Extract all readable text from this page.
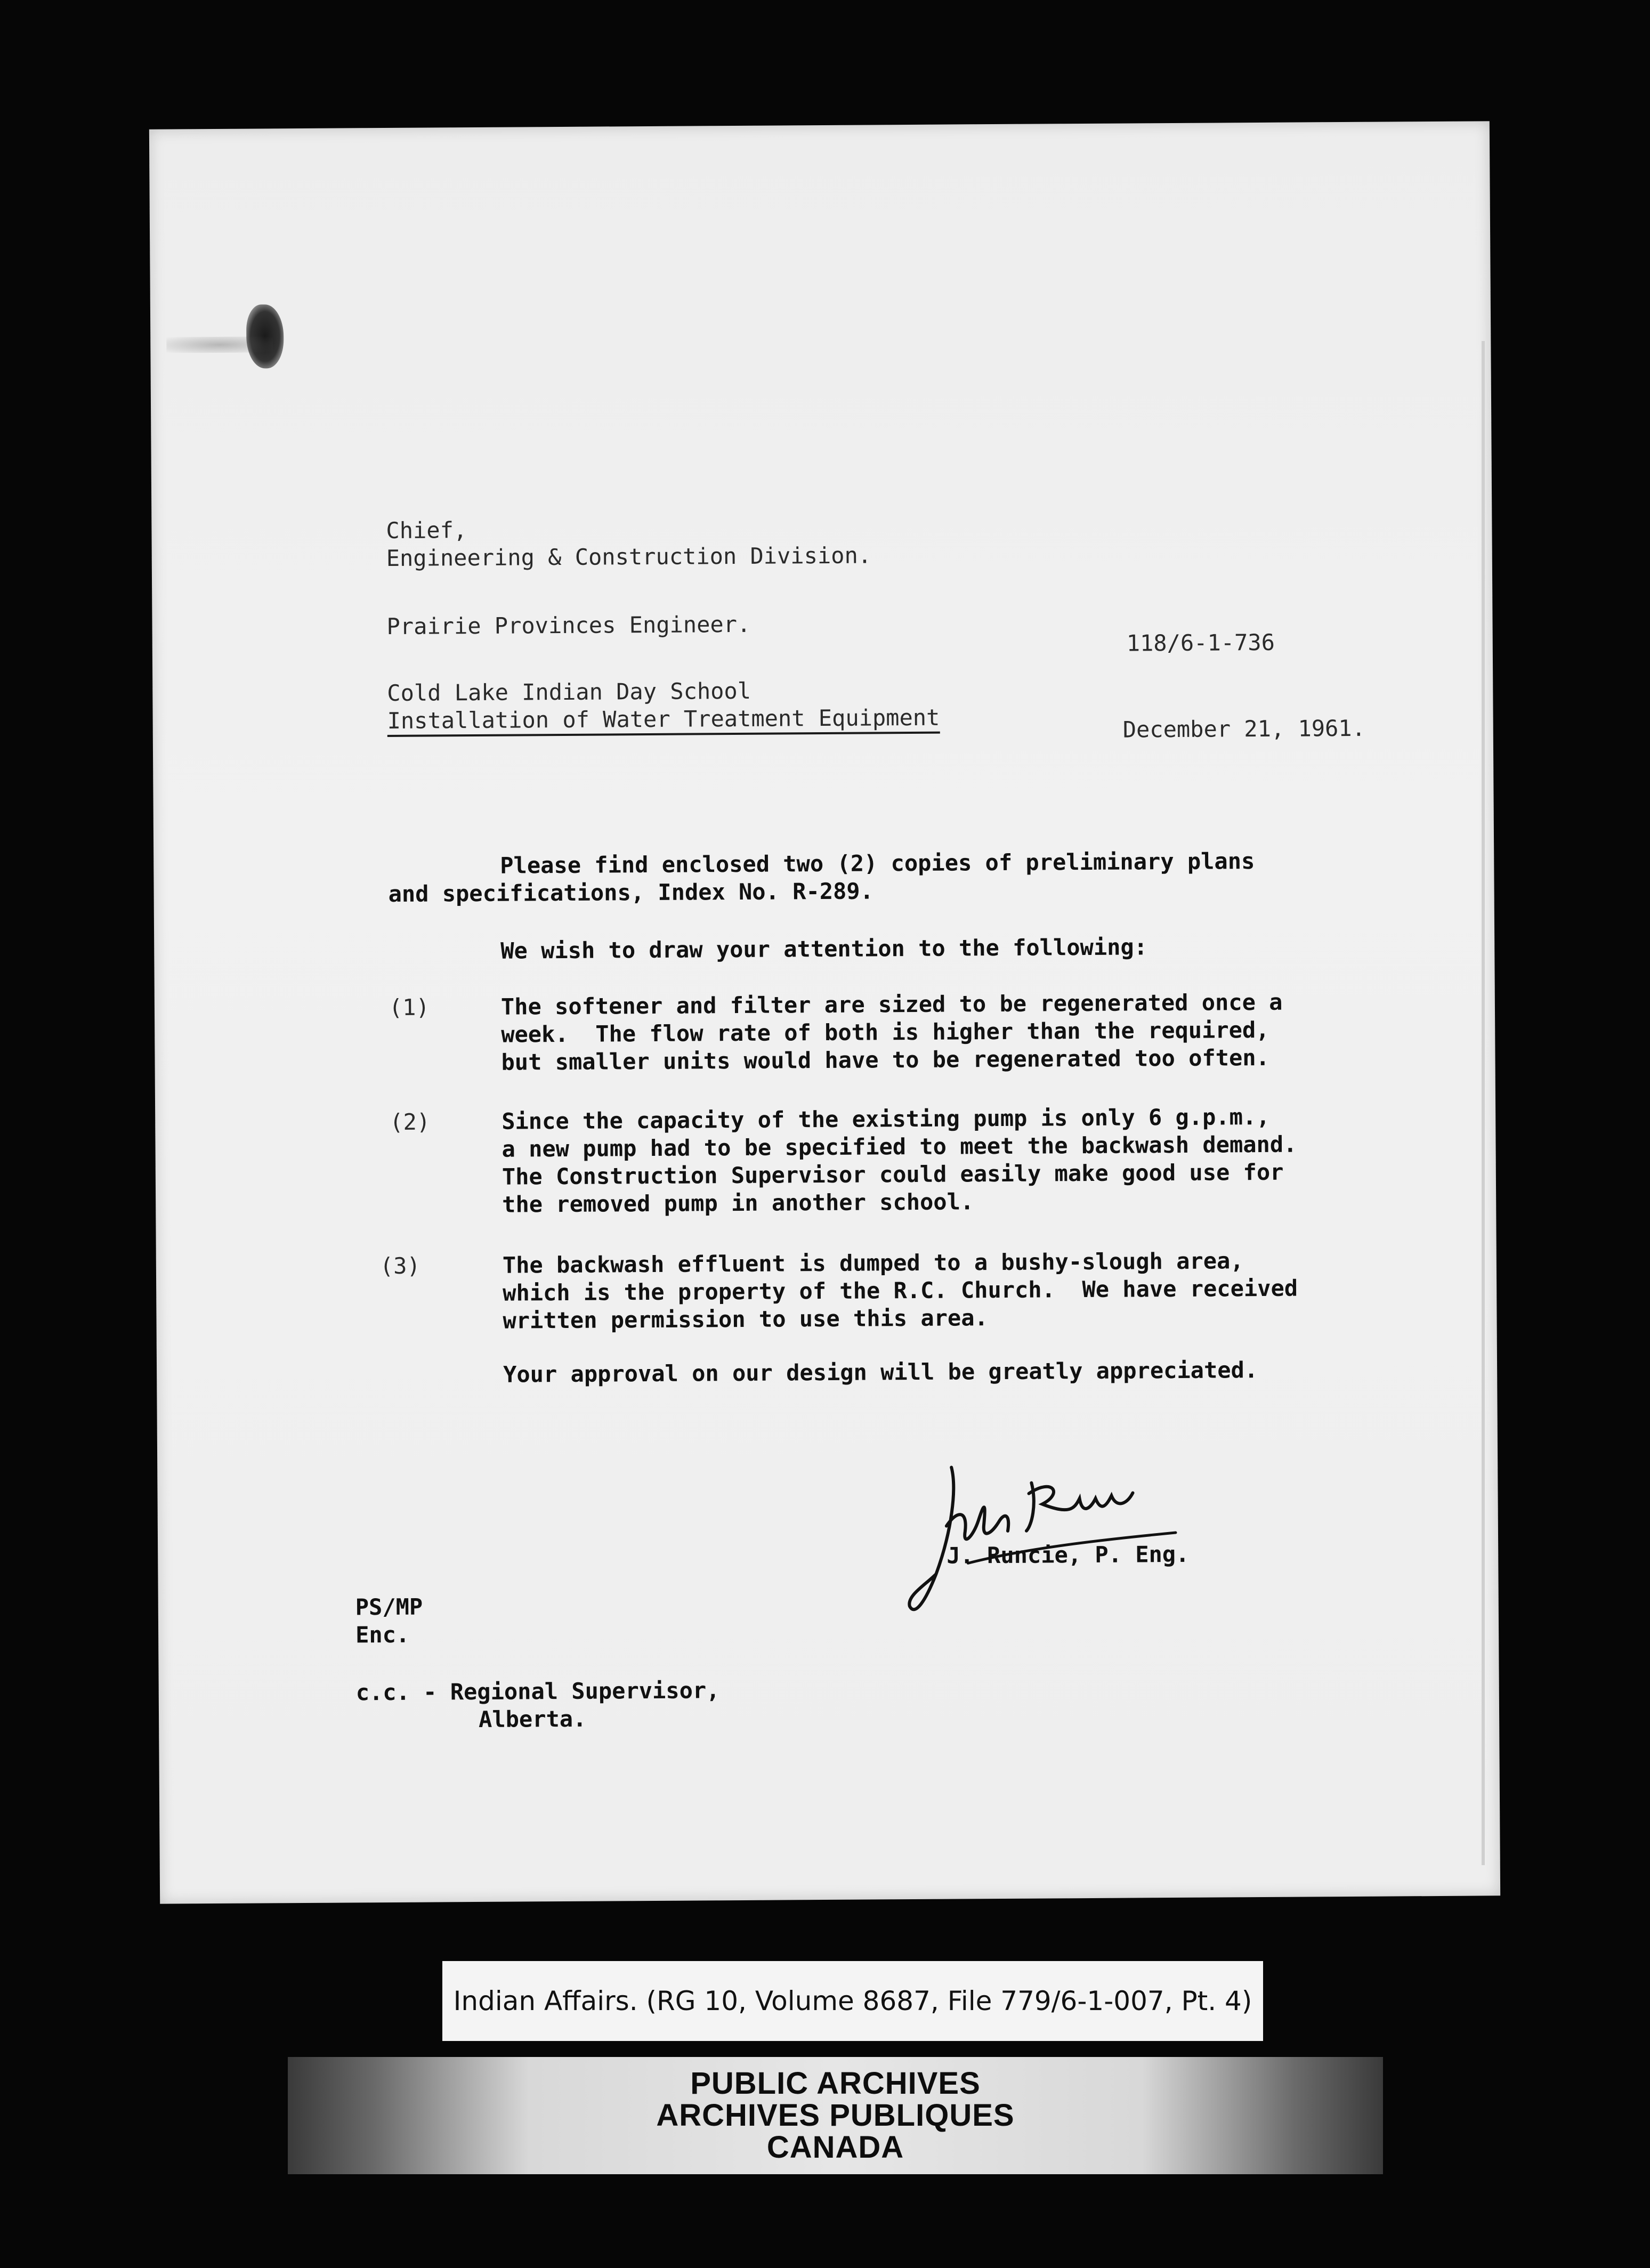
Chief,
Engineering & Construction Division.
Prairie Provinces Engineer.
118/6-1-736
Cold Lake Indian Day School
Installation of Water Treatment Equipment	December 21, 1961.
Please find enclosed two (2) copies of preliminary plans
and specifications, Index No. R-289.
We wish to draw your attention to the following:
(1)	The softener and filter are sized to be regenerated once a
week.  The flow rate of both is higher than the required,
but smaller units would have to be regenerated too often.
(2)	Since the capacity of the existing pump is only 6 g.p.m.,
a new pump had to be specified to meet the backwash demand.
The Construction Supervisor could easily make good use for
the removed pump in another school.
(3)	The backwash effluent is dumped to a bushy-slough area,
which is the property of the R.C. Church.  We have received
written permission to use this area.
Your approval on our design will be greatly appreciated.
J. Runcie, P. Eng.
PS/MP
Enc.
c.c. - Regional Supervisor,
Alberta.
Indian Affairs. (RG 10, Volume 8687, File 779/6-1-007, Pt. 4)
PUBLIC ARCHIVES
ARCHIVES PUBLIQUES
CANADA
